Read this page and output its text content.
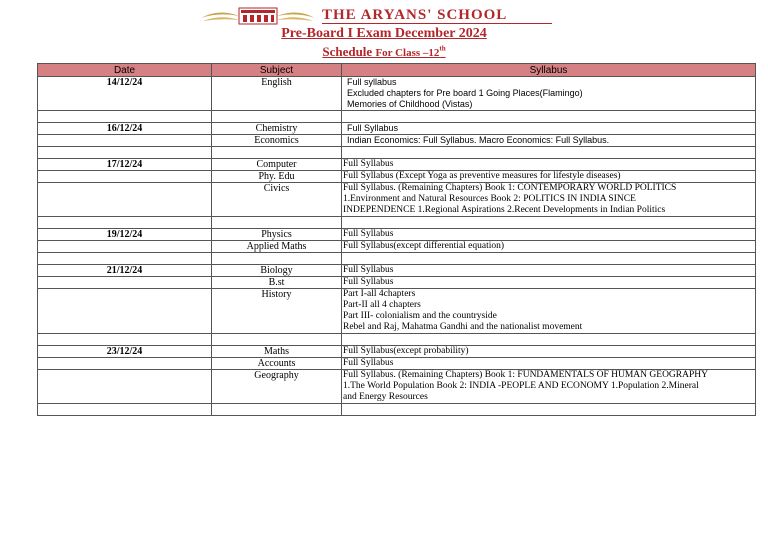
THE ARYANS' SCHOOL
Pre-Board I Exam December 2024
Schedule For Class –12th
Date	Subject	Syllabus
14/12/24	English	Full syllabus
Excluded chapters for Pre board 1 Going Places(Flamingo)
Memories of Childhood (Vistas)

16/12/24	Chemistry	Full Syllabus

	Economics	Indian Economics: Full Syllabus. Macro Economics: Full Syllabus.

17/12/24	Computer	Full Syllabus

	Phy. Edu	Full Syllabus (Except Yoga as preventive measures for lifestyle diseases)

	Civics	Full Syllabus. (Remaining Chapters) Book 1: CONTEMPORARY WORLD POLITICS
1.Environment and Natural Resources Book 2: POLITICS IN INDIA SINCE
INDEPENDENCE 1.Regional Aspirations 2.Recent Developments in Indian Politics

19/12/24	Physics	Full Syllabus

	Applied Maths	Full Syllabus(except differential equation)

21/12/24	Biology	Full Syllabus

	B.st	Full Syllabus

	History	Part I-all 4chapters
Part-II all 4 chapters
Part III- colonialism and the countryside
Rebel and Raj, Mahatma Gandhi and the nationalist movement

23/12/24	Maths	Full Syllabus(except probability)

	Accounts	Full Syllabus

	Geography	Full Syllabus. (Remaining Chapters) Book 1: FUNDAMENTALS OF HUMAN GEOGRAPHY
1.The World Population Book 2: INDIA -PEOPLE AND ECONOMY 1.Population 2.Mineral
and Energy Resources
